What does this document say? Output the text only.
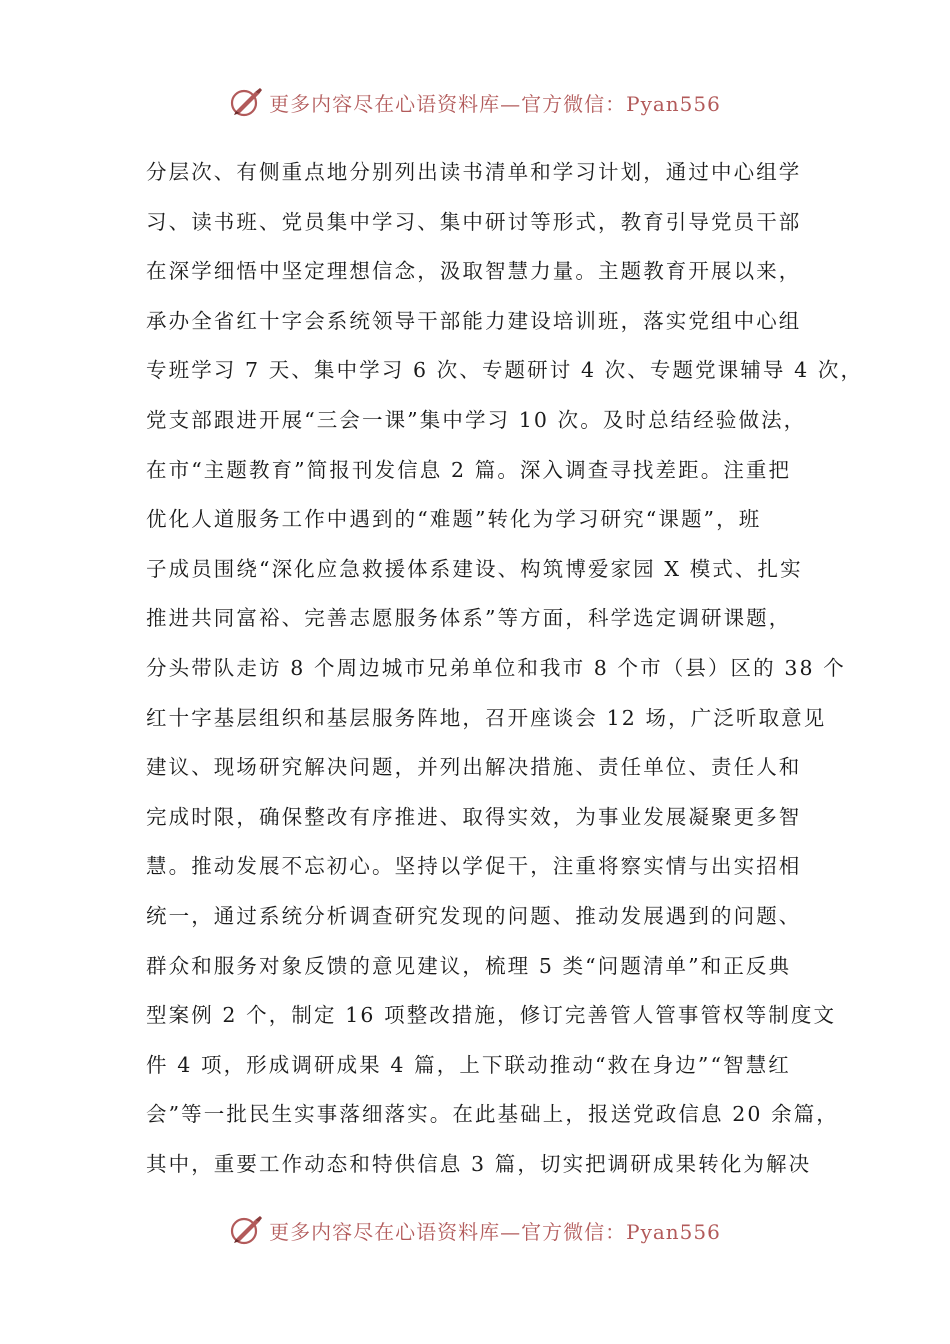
更多内容尽在心语资料库—官方微信：Pyan556
分层次、有侧重点地分别列出读书清单和学习计划，通过中心组学
习、读书班、党员集中学习、集中研讨等形式，教育引导党员干部
在深学细悟中坚定理想信念，汲取智慧力量。主题教育开展以来，
承办全省红十字会系统领导干部能力建设培训班，落实党组中心组
专班学习 7 天、集中学习 6 次、专题研讨 4 次、专题党课辅导 4 次，
党支部跟进开展“三会一课”集中学习 10 次。及时总结经验做法，
在市“主题教育”简报刊发信息 2 篇。深入调查寻找差距。注重把
优化人道服务工作中遇到的“难题”转化为学习研究“课题”，班
子成员围绕“深化应急救援体系建设、构筑博爱家园 X 模式、扎实
推进共同富裕、完善志愿服务体系”等方面，科学选定调研课题，
分头带队走访 8 个周边城市兄弟单位和我市 8 个市（县）区的 38 个
红十字基层组织和基层服务阵地，召开座谈会 12 场，广泛听取意见
建议、现场研究解决问题，并列出解决措施、责任单位、责任人和
完成时限，确保整改有序推进、取得实效，为事业发展凝聚更多智
慧。推动发展不忘初心。坚持以学促干，注重将察实情与出实招相
统一，通过系统分析调查研究发现的问题、推动发展遇到的问题、
群众和服务对象反馈的意见建议，梳理 5 类“问题清单”和正反典
型案例 2 个，制定 16 项整改措施，修订完善管人管事管权等制度文
件 4 项，形成调研成果 4 篇，上下联动推动“救在身边”“智慧红
会”等一批民生实事落细落实。在此基础上，报送党政信息 20 余篇，
其中，重要工作动态和特供信息 3 篇，切实把调研成果转化为解决
更多内容尽在心语资料库—官方微信：Pyan556
